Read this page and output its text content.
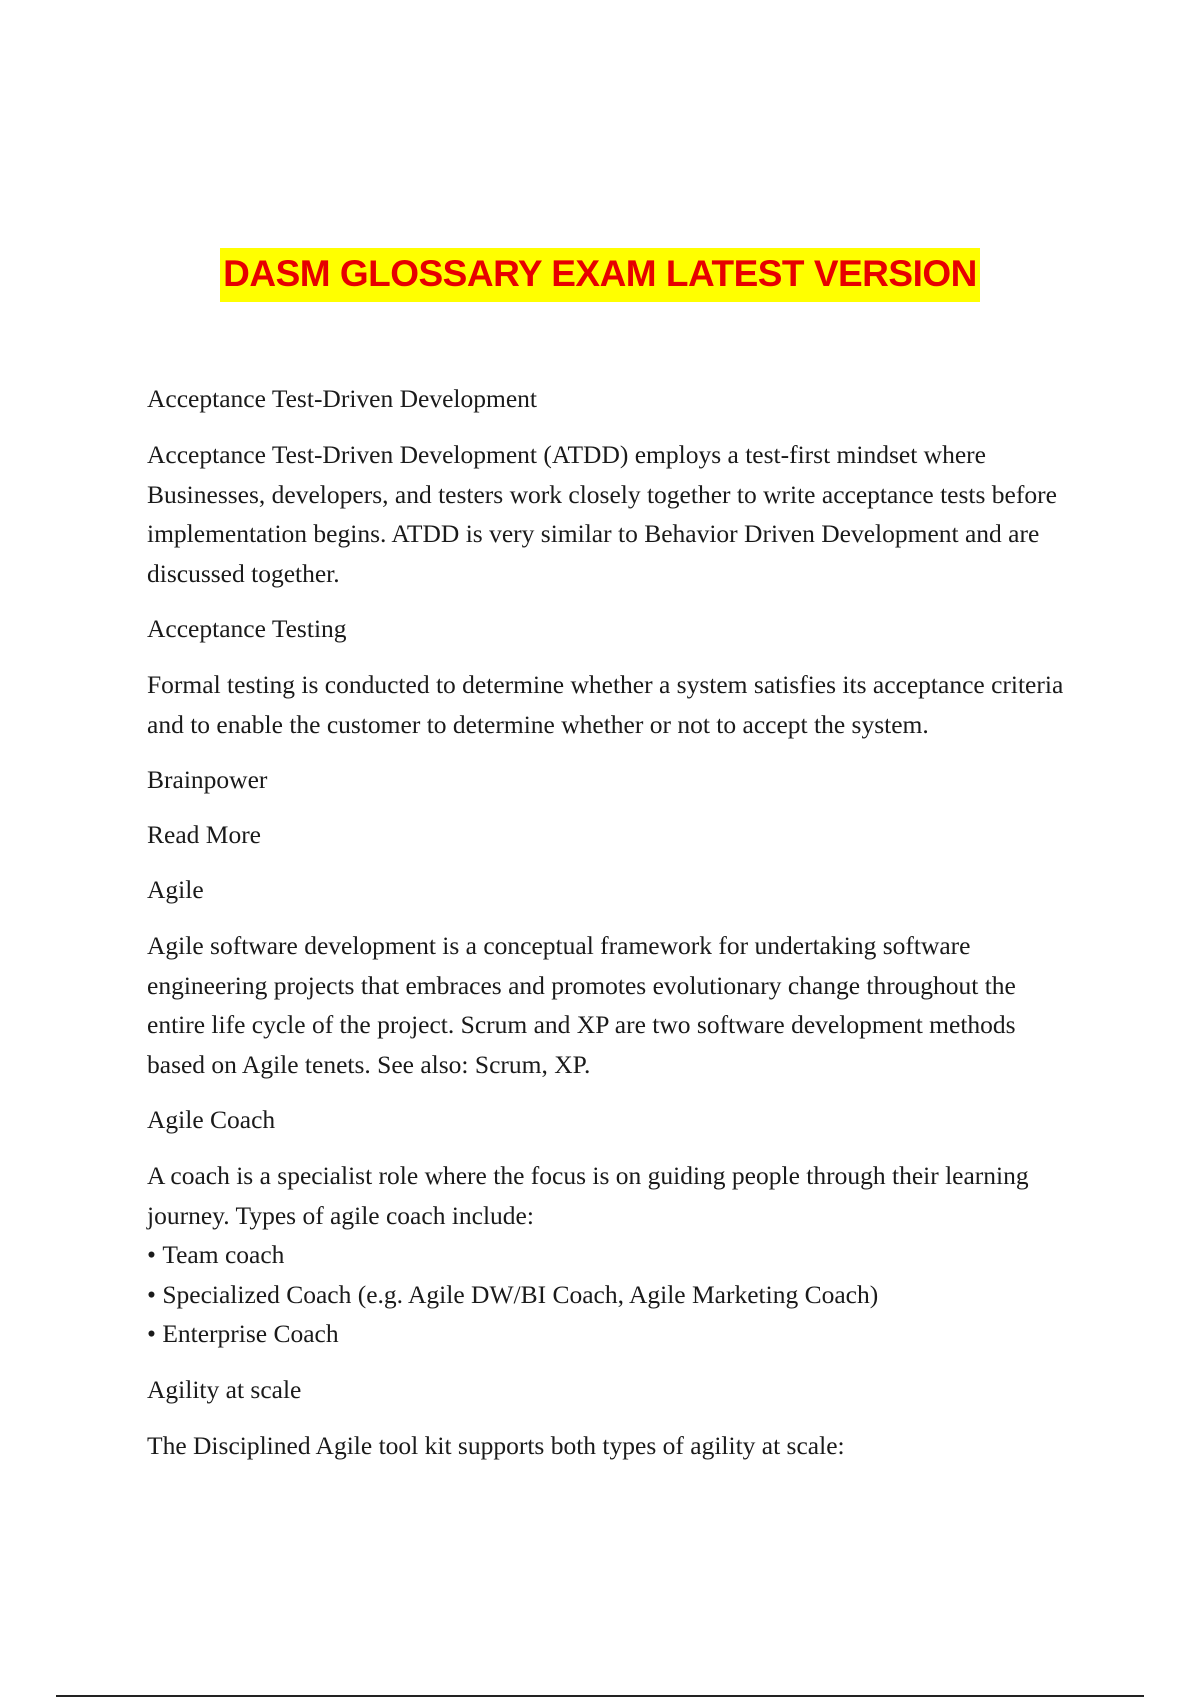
DASM GLOSSARY EXAM LATEST VERSION

Acceptance Test-Driven Development

Acceptance Test-Driven Development (ATDD) employs a test-first mindset where Businesses, developers, and testers work closely together to write acceptance tests before implementation begins. ATDD is very similar to Behavior Driven Development and are discussed together.

Acceptance Testing

Formal testing is conducted to determine whether a system satisfies its acceptance criteria and to enable the customer to determine whether or not to accept the system.

Brainpower

Read More

Agile

Agile software development is a conceptual framework for undertaking software engineering projects that embraces and promotes evolutionary change throughout the entire life cycle of the project. Scrum and XP are two software development methods based on Agile tenets. See also: Scrum, XP.

Agile Coach

A coach is a specialist role where the focus is on guiding people through their learning journey. Types of agile coach include:

• Team coach
• Specialized Coach (e.g. Agile DW/BI Coach, Agile Marketing Coach)
• Enterprise Coach

Agility at scale

The Disciplined Agile tool kit supports both types of agility at scale:
